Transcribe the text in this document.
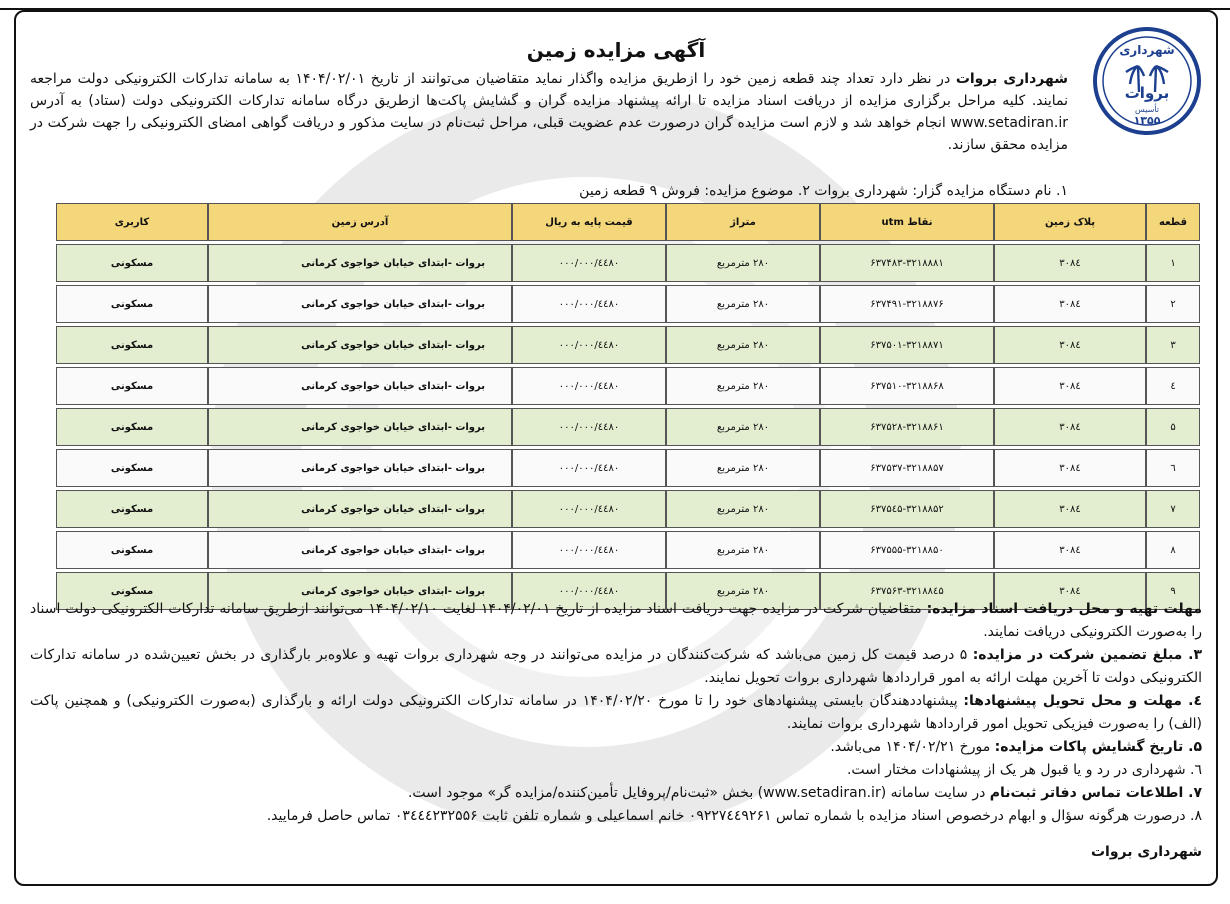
شهرداری
بروات
تأسیس
۱۳۵۵
آگهی مزایده زمین
شهرداری بروات در نظر دارد تعداد چند قطعه زمین خود را ازطریق مزایده واگذار نماید متقاضیان می‌توانند از تاریخ ۱۴۰۴/۰۲/۰۱ به سامانه تدارکات الکترونیکی دولت مراجعه نمایند. کلیه مراحل برگزاری مزایده از دریافت اسناد مزایده تا ارائه پیشنهاد مزایده گران و گشایش پاکت‌ها ازطریق درگاه سامانه تدارکات الکترونیکی دولت (ستاد) به آدرس www.setadiran.ir انجام خواهد شد و لازم است مزایده گران درصورت عدم عضویت قبلی، مراحل ثبت‌نام در سایت مذکور و دریافت گواهی امضای الکترونیکی را جهت شرکت در مزایده محقق سازند.
۱. نام دستگاه مزایده گزار: شهرداری بروات ۲. موضوع مزایده: فروش ۹ قطعه زمین
قطعه	پلاک زمین	نقاط utm	متراژ	قیمت پایه به ریال	آدرس زمین	کاربری
۱	۳۰۸٤	۶۳۷۴۸۳-۳۲۱۸۸۸۱	۲۸۰ مترمربع	٤٤٨٠/۰۰۰/۰۰۰	بروات -ابتدای خیابان خواجوی کرمانی	مسکونی
۲	۳۰۸٤	۶۳۷۴۹۱-۳۲۱۸۸۷۶	۲۸۰ مترمربع	٤٤٨٠/۰۰۰/۰۰۰	بروات -ابتدای خیابان خواجوی کرمانی	مسکونی
۳	۳۰۸٤	۶۳۷۵۰۱-۳۲۱۸۸۷۱	۲۸۰ مترمربع	٤٤٨٠/۰۰۰/۰۰۰	بروات -ابتدای خیابان خواجوی کرمانی	مسکونی
٤	۳۰۸٤	۶۳۷۵۱۰-۳۲۱۸۸۶۸	۲۸۰ مترمربع	٤٤٨٠/۰۰۰/۰۰۰	بروات -ابتدای خیابان خواجوی کرمانی	مسکونی
۵	۳۰۸٤	۶۳۷۵۲۸-۳۲۱۸۸۶۱	۲۸۰ مترمربع	٤٤٨٠/۰۰۰/۰۰۰	بروات -ابتدای خیابان خواجوی کرمانی	مسکونی
٦	۳۰۸٤	۶۳۷۵۳۷-۳۲۱۸۸۵۷	۲۸۰ مترمربع	٤٤٨٠/۰۰۰/۰۰۰	بروات -ابتدای خیابان خواجوی کرمانی	مسکونی
۷	۳۰۸٤	۶۳۷۵٤۵-۳۲۱۸۸۵۲	۲۸۰ مترمربع	٤٤٨٠/۰۰۰/۰۰۰	بروات -ابتدای خیابان خواجوی کرمانی	مسکونی
۸	۳۰۸٤	۶۳۷۵۵۵-۳۲۱۸۸۵۰	۲۸۰ مترمربع	٤٤٨٠/۰۰۰/۰۰۰	بروات -ابتدای خیابان خواجوی کرمانی	مسکونی
۹	۳۰۸٤	۶۳۷۵۶۳-۳۲۱۸۸٤۵	۲۸۰ مترمربع	٤٤٨٠/۰۰۰/۰۰۰	بروات -ابتدای خیابان خواجوی کرمانی	مسکونی

مهلت تهیه و محل دریافت اسناد مزایده: متقاضیان شرکت در مزایده جهت دریافت اسناد مزایده از تاریخ ۱۴۰۴/۰۲/۰۱ لغایت ۱۴۰۴/۰۲/۱۰ می‌توانند ازطریق سامانه تدارکات الکترونیکی دولت اسناد را به‌صورت الکترونیکی دریافت نمایند.

۳. مبلغ تضمین شرکت در مزایده: ۵ درصد قیمت کل زمین می‌باشد که شرکت‌کنندگان در مزایده می‌توانند در وجه شهرداری بروات تهیه و علاوه‌بر بارگذاری در بخش تعیین‌شده در سامانه تدارکات الکترونیکی دولت تا آخرین مهلت ارائه به امور قراردادها شهرداری بروات تحویل نمایند.

٤. مهلت و محل تحویل پیشنهادها: پیشنهاددهندگان بایستی پیشنهادهای خود را تا مورخ ۱۴۰۴/۰۲/۲۰ در سامانه تدارکات الکترونیکی دولت ارائه و بارگذاری (به‌صورت الکترونیکی) و همچنین پاکت (الف) را به‌صورت فیزیکی تحویل امور قراردادها شهرداری بروات نمایند.

۵. تاریخ گشایش پاکات مزایده: مورخ ۱۴۰۴/۰۲/۲۱ می‌باشد.

٦. شهرداری در رد و یا قبول هر یک از پیشنهادات مختار است.

۷. اطلاعات تماس دفاتر ثبت‌نام در سایت سامانه (www.setadiran.ir) بخش «ثبت‌نام/پروفایل تأمین‌کننده/مزایده گر» موجود است.

۸. درصورت هرگونه سؤال و ابهام درخصوص اسناد مزایده با شماره تماس ۰۹۲۲۷٤٤۹۲۶۱ خانم اسماعیلی و شماره تلفن ثابت ۰۳٤٤٤۲۳۲۵۵۶ تماس حاصل فرمایید.

شهرداری بروات
